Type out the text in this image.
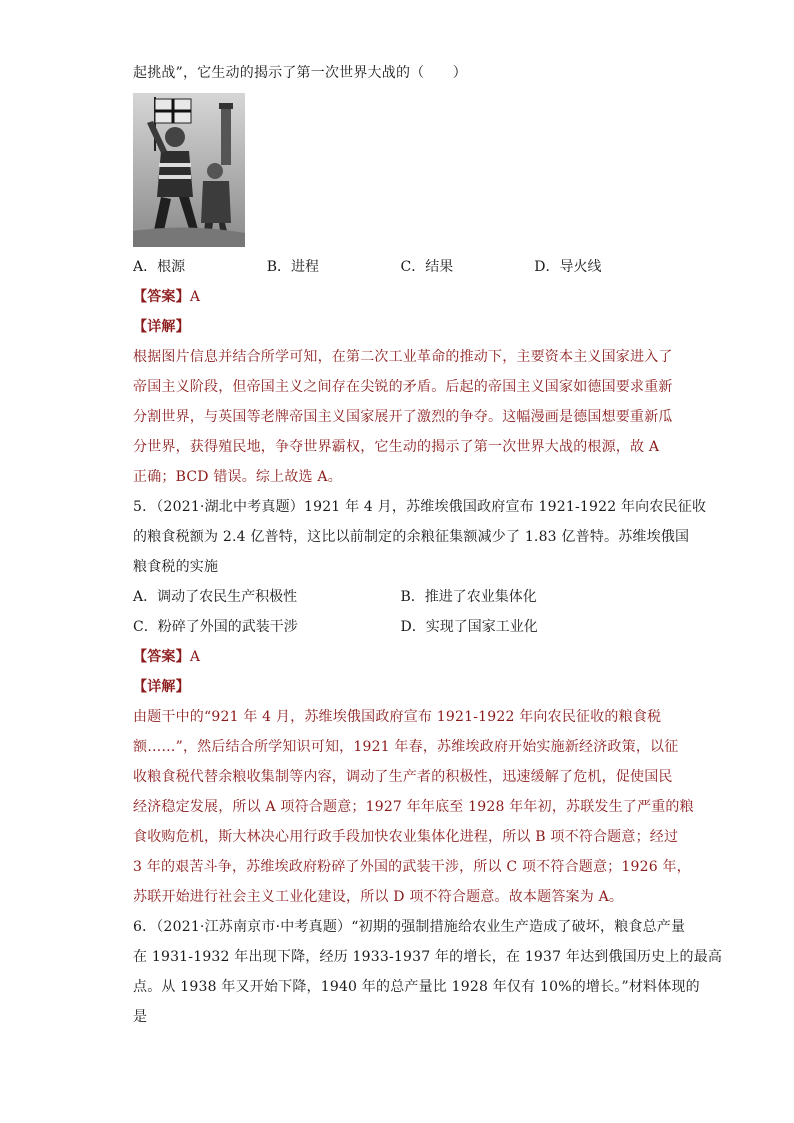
起挑战”，它生动的揭示了第一次世界大战的（　　）
A．根源	B．进程	C．结果	D．导火线
【答案】A
【详解】
根据图片信息并结合所学可知，在第二次工业革命的推动下，主要资本主义国家进入了
帝国主义阶段，但帝国主义之间存在尖锐的矛盾。后起的帝国主义国家如德国要求重新
分割世界，与英国等老牌帝国主义国家展开了激烈的争夺。这幅漫画是德国想要重新瓜
分世界，获得殖民地，争夺世界霸权，它生动的揭示了第一次世界大战的根源，故 A
正确；BCD 错误。综上故选 A。
5．（2021·湖北中考真题）1921 年 4 月，苏维埃俄国政府宣布 1921-1922 年向农民征收
的粮食税额为 2.4 亿普特，这比以前制定的余粮征集额减少了 1.83 亿普特。苏维埃俄国
粮食税的实施
A．调动了农民生产积极性	B．推进了农业集体化
C．粉碎了外国的武装干涉	D．实现了国家工业化
【答案】A
【详解】
由题干中的“921 年 4 月，苏维埃俄国政府宣布 1921-1922 年向农民征收的粮食税
额……”，然后结合所学知识可知，1921 年春，苏维埃政府开始实施新经济政策，以征
收粮食税代替余粮收集制等内容，调动了生产者的积极性，迅速缓解了危机，促使国民
经济稳定发展，所以 A 项符合题意；1927 年年底至 1928 年年初，苏联发生了严重的粮
食收购危机，斯大林决心用行政手段加快农业集体化进程，所以 B 项不符合题意；经过
3 年的艰苦斗争，苏维埃政府粉碎了外国的武装干涉，所以 C 项不符合题意；1926 年，
苏联开始进行社会主义工业化建设，所以 D 项不符合题意。故本题答案为 A。
6．（2021·江苏南京市·中考真题）“初期的强制措施给农业生产造成了破坏，粮食总产量
在 1931-1932 年出现下降，经历 1933-1937 年的增长，在 1937 年达到俄国历史上的最高
点。从 1938 年又开始下降，1940 年的总产量比 1928 年仅有 10%的增长。”材料体现的
是
